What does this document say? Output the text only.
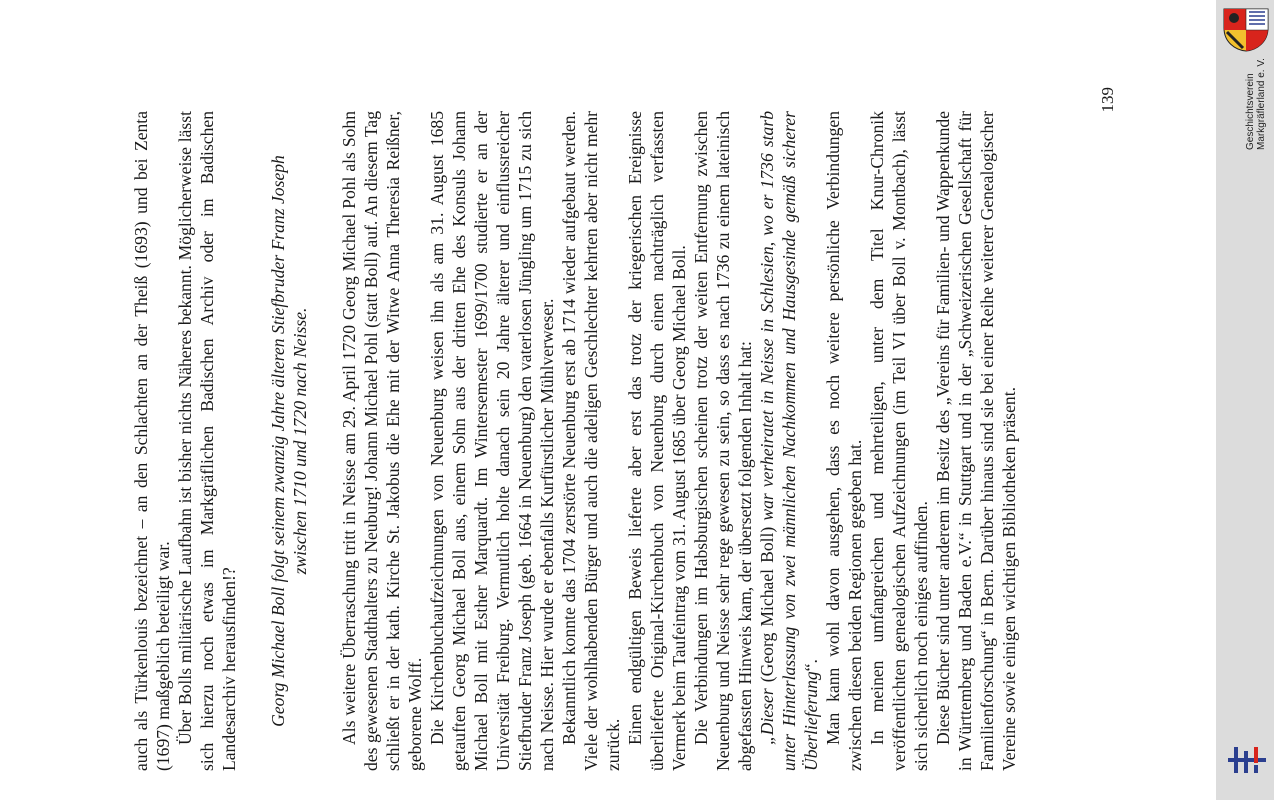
auch als Türkenlouis bezeichnet – an den Schlachten an der Theiß (1693) und bei Zenta (1697) maßgeblich beteiligt war. Über Bolls militärische Laufbahn ist bisher nichts Näheres bekannt. Möglicherweise lässt sich hierzu noch etwas im Markgräflichen Badischen Archiv oder im Badischen Landesarchiv herausfinden!? Georg Michael Boll folgt seinem zwanzig Jahre älteren Stiefbruder Franz Joseph zwischen 1710 und 1720 nach Neisse. Als weitere Überraschung tritt in Neisse am 29. April 1720 Georg Michael Pohl als Sohn des gewesenen Stadthalters zu Neuburg! Johann Michael Pohl (statt Boll) auf. An diesem Tag schließt er in der kath. Kirche St. Jakobus die Ehe mit der Witwe Anna Theresia Reißner, geborene Wolff. Die Kirchenbuchaufzeichnungen von Neuenburg weisen ihn als am 31. August 1685 getauften Georg Michael Boll aus, einem Sohn aus der dritten Ehe des Konsuls Johann Michael Boll mit Esther Marquardt. Im Wintersemester 1699/1700 studierte er an der Universität Freiburg. Vermutlich holte danach sein 20 Jahre älterer und einflussreicher Stiefbruder Franz Joseph (geb. 1664 in Neuenburg) den vaterlosen Jüngling um 1715 zu sich nach Neisse. Hier wurde er ebenfalls Kurfürstlicher Mühlverweser. Bekanntlich konnte das 1704 zerstörte Neuenburg erst ab 1714 wieder aufgebaut werden. Viele der wohlhabenden Bürger und auch die adeligen Geschlechter kehrten aber nicht mehr zurück. Einen endgültigen Beweis lieferte aber erst das trotz der kriegerischen Ereignisse überlieferte Original-Kirchenbuch von Neuenburg durch einen nachträglich verfassten Vermerk beim Taufeintrag vom 31. August 1685 über Georg Michael Boll. Die Verbindungen im Habsburgischen scheinen trotz der weiten Entfernung zwischen Neuenburg und Neisse sehr rege gewesen zu sein, so dass es nach 1736 zu einem lateinisch abgefassten Hinweis kam, der übersetzt folgenden Inhalt hat: „Dieser (Georg Michael Boll) war verheiratet in Neisse in Schlesien, wo er 1736 starb unter Hinterlassung von zwei männlichen Nachkommen und Hausgesinde gemäß sicherer Überlieferung“. Man kann wohl davon ausgehen, dass es noch weitere persönliche Verbindungen zwischen diesen beiden Regionen gegeben hat. In meinen umfangreichen und mehrteiligen, unter dem Titel Knur-Chronik veröffentlichten genealogischen Aufzeichnungen (im Teil VI über Boll v. Montbach), lässt sich sicherlich noch einiges auffinden. Diese Bücher sind unter anderem im Besitz des „Vereins für Familien- und Wappenkunde in Württemberg und Baden e.V.“ in Stuttgart und in der „Schweizerischen Gesellschaft für Familienforschung“ in Bern. Darüber hinaus sind sie bei einer Reihe weiterer Genealogischer Vereine sowie einigen wichtigen Bibliotheken präsent.

139	Geschichtsverein Markgräflerland e. V.
